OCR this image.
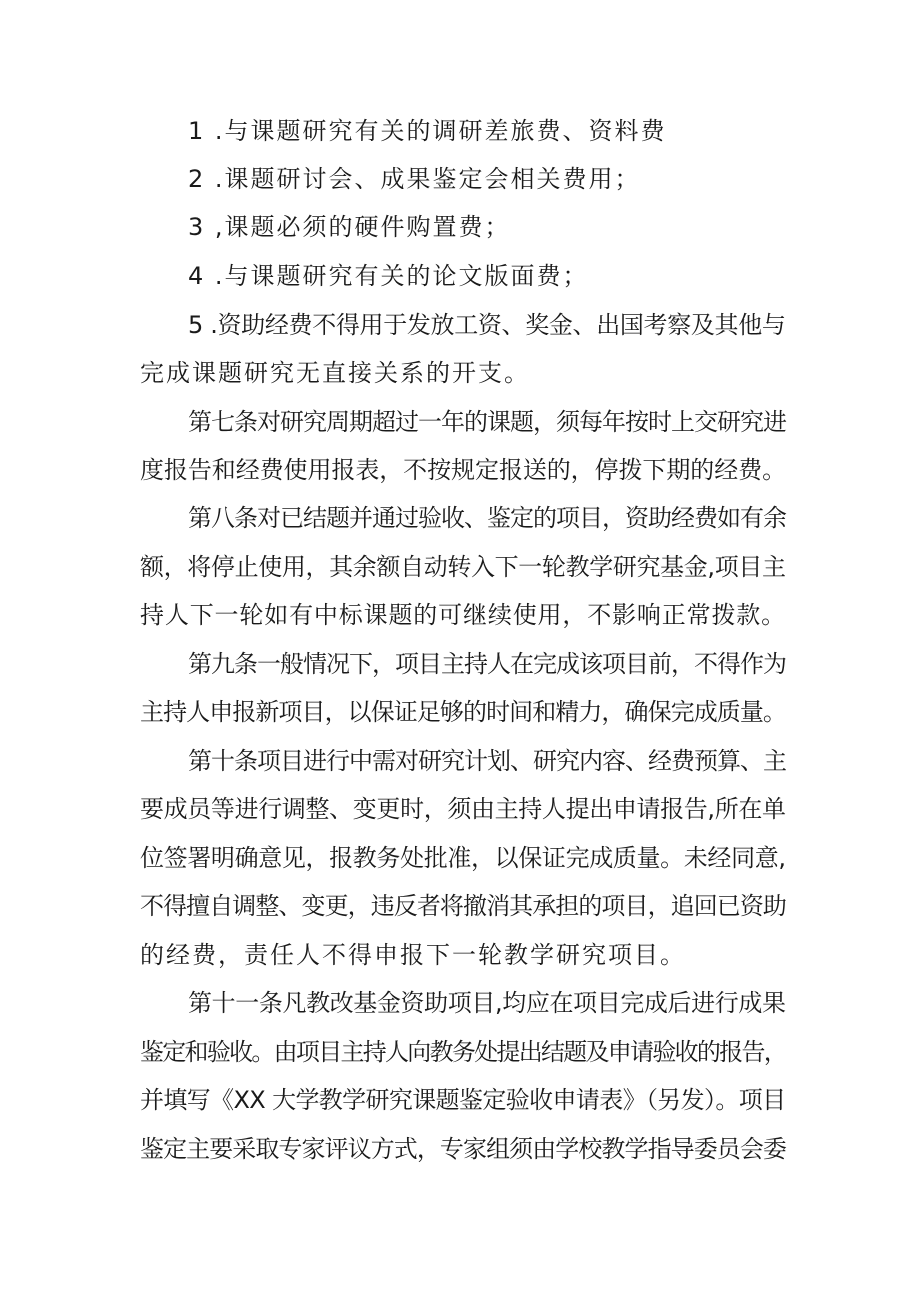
1 .与课题研究有关的调研差旅费、资料费

2 .课题研讨会、成果鉴定会相关费用；

3 ,课题必须的硬件购置费；

4 .与课题研究有关的论文版面费；

5 .资助经费不得用于发放工资、奖金、出国考察及其他与

完成课题研究无直接关系的开支。

第七条对研究周期超过一年的课题，须每年按时上交研究进

度报告和经费使用报表，不按规定报送的，停拨下期的经费。

第八条对已结题并通过验收、鉴定的项目，资助经费如有余

额，将停止使用，其余额自动转入下一轮教学研究基金,项目主

持人下一轮如有中标课题的可继续使用，不影响正常拨款。

第九条一般情况下，项目主持人在完成该项目前，不得作为

主持人申报新项目，以保证足够的时间和精力，确保完成质量。

第十条项目进行中需对研究计划、研究内容、经费预算、主

要成员等进行调整、变更时，须由主持人提出申请报告,所在单

位签署明确意见，报教务处批准，以保证完成质量。未经同意,

不得擅自调整、变更，违反者将撤消其承担的项目，追回已资助

的经费，责任人不得申报下一轮教学研究项目。

第十一条凡教改基金资助项目,均应在项目完成后进行成果

鉴定和验收。由项目主持人向教务处提出结题及申请验收的报告，

并填写《XX 大学教学研究课题鉴定验收申请表》（另发）。项目

鉴定主要采取专家评议方式，专家组须由学校教学指导委员会委
